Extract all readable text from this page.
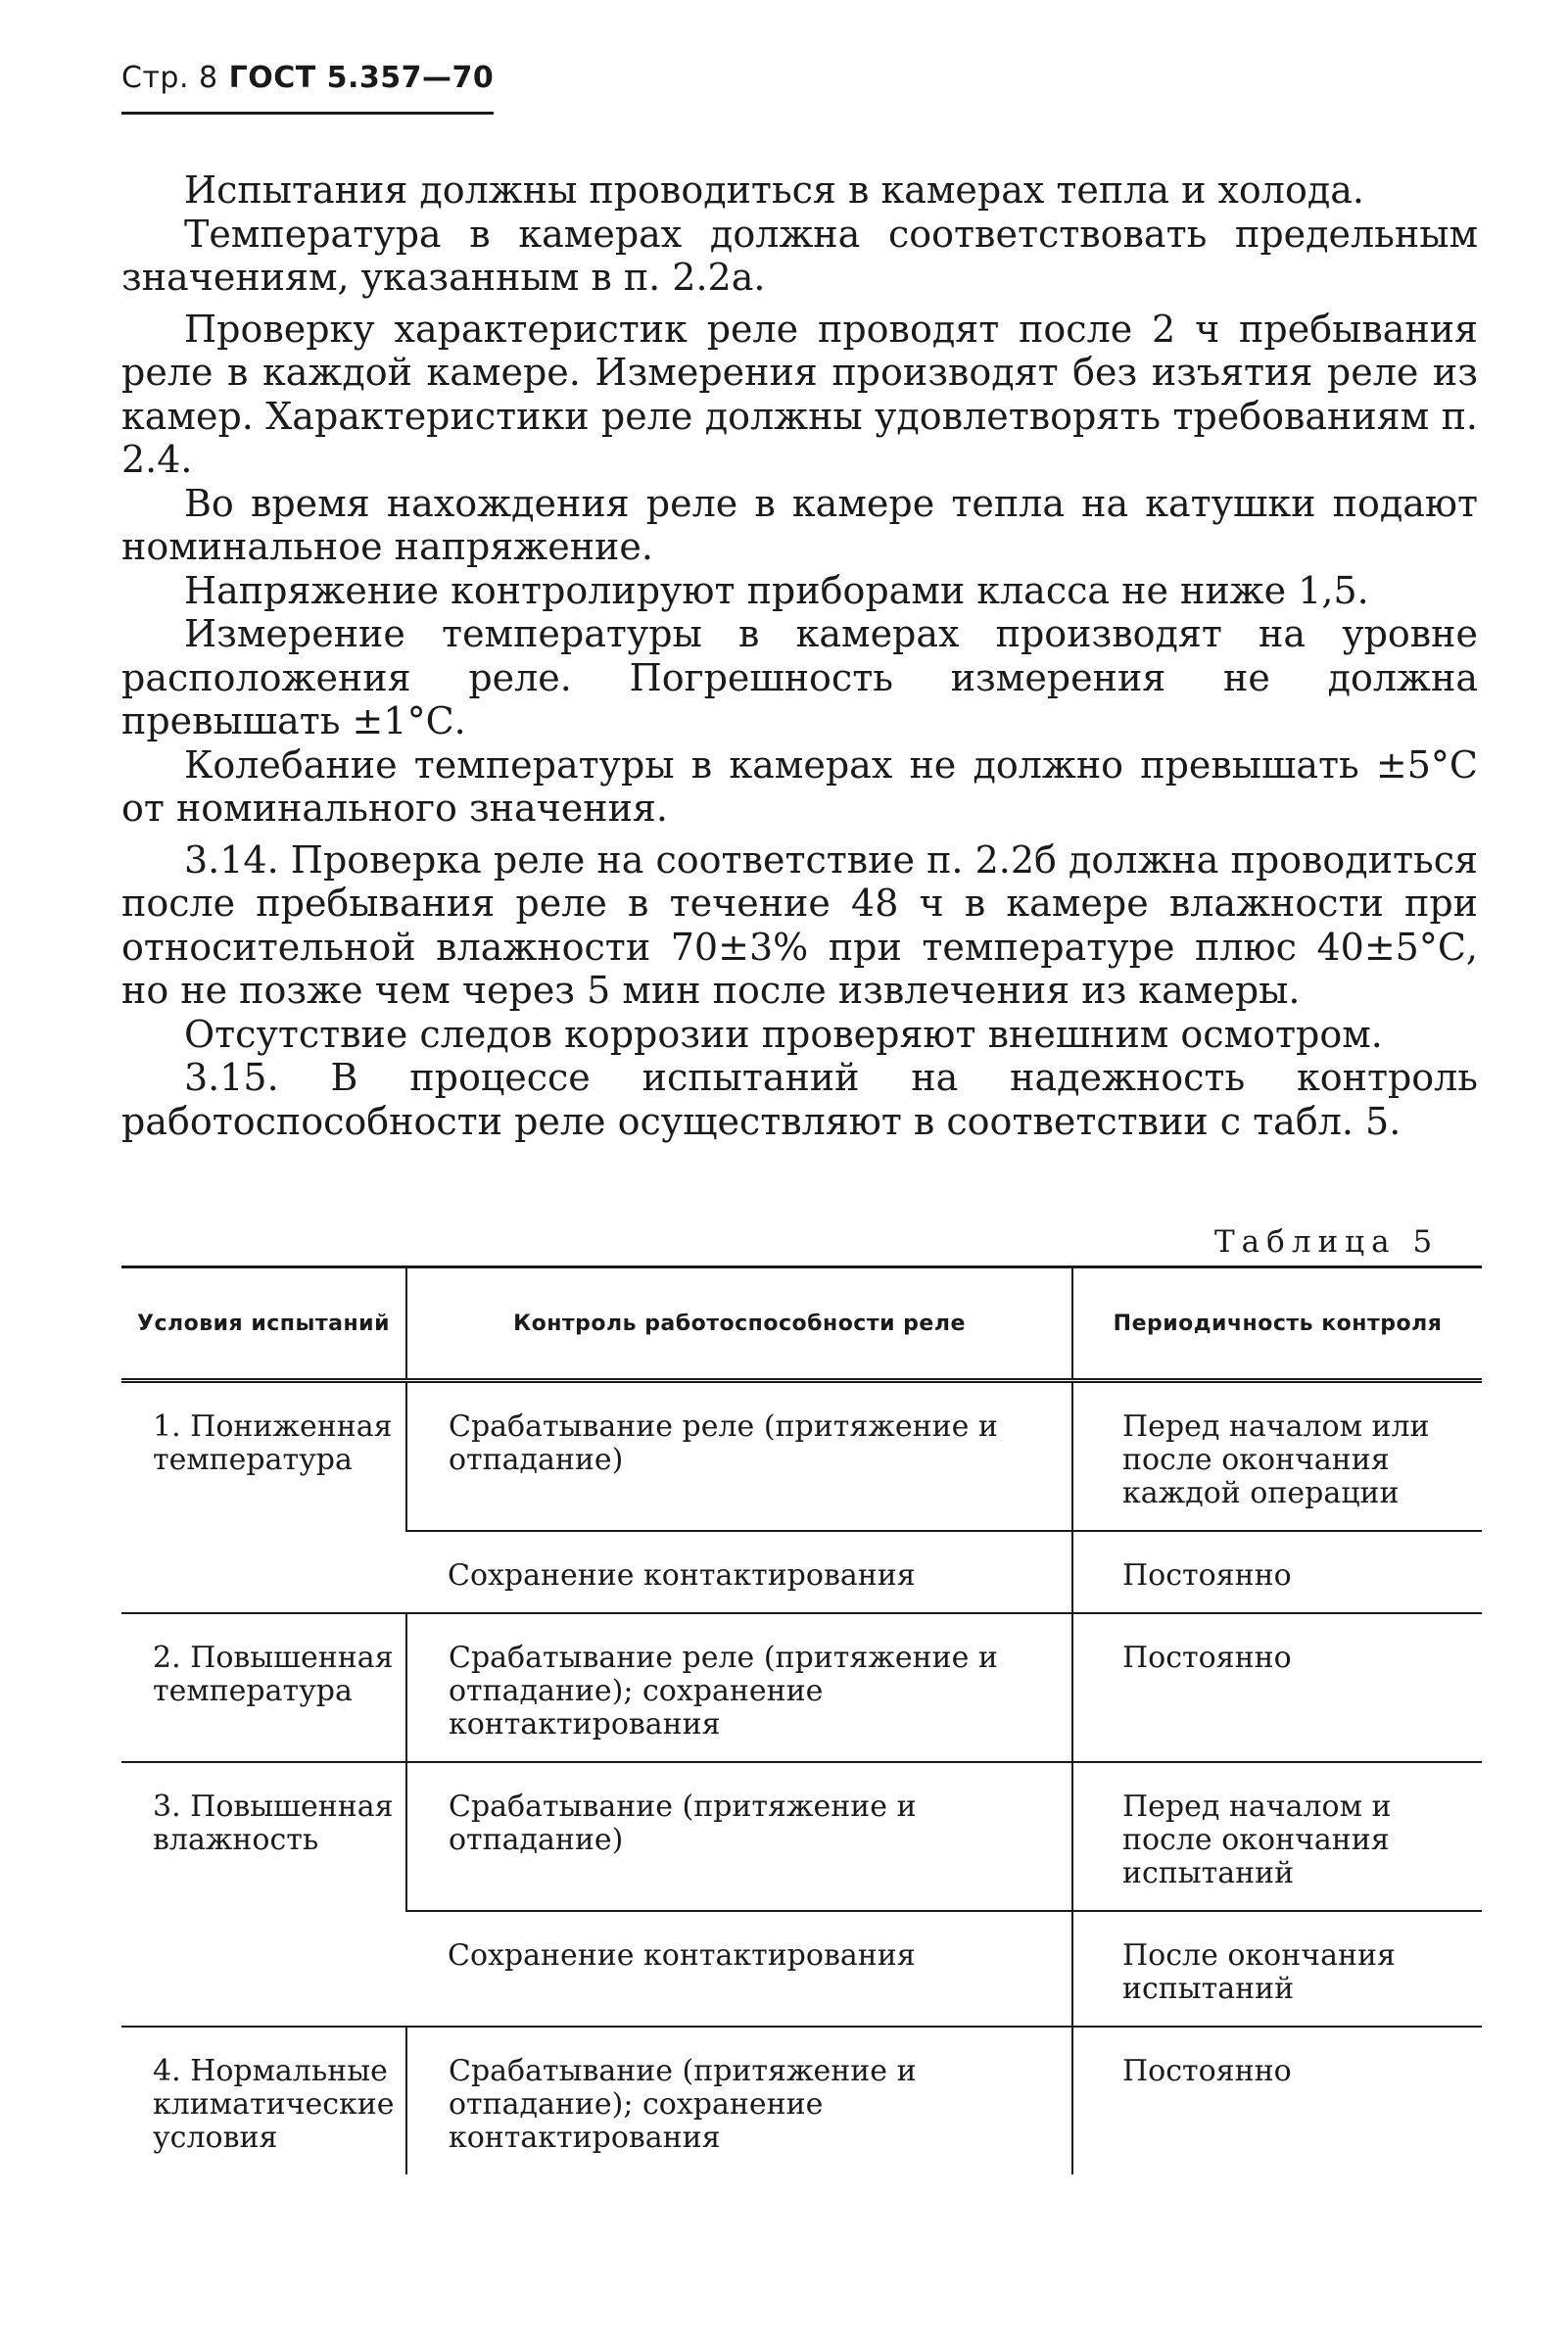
Стр. 8 ГОСТ 5.357—70

Испытания должны проводиться в камерах тепла и холода.

Температура в камерах должна соответствовать предельным значениям, указанным в п. 2.2а.

Проверку характеристик реле проводят после 2 ч пребывания реле в каждой камере. Измерения производят без изъятия реле из камер. Характеристики реле должны удовлетворять требованиям п. 2.4.

Во время нахождения реле в камере тепла на катушки подают номинальное напряжение.

Напряжение контролируют приборами класса не ниже 1,5.

Измерение температуры в камерах производят на уровне расположения реле. Погрешность измерения не должна превышать ±1°С.

Колебание температуры в камерах не должно превышать ±5°С от номинального значения.

3.14. Проверка реле на соответствие п. 2.2б должна проводиться после пребывания реле в течение 48 ч в камере влажности при относительной влажности 70±3% при температуре плюс 40±5°С, но не позже чем через 5 мин после извлечения из камеры.

Отсутствие следов коррозии проверяют внешним осмотром.

3.15. В процессе испытаний на надежность контроль работоспособности реле осуществляют в соответствии с табл. 5.

Таблица 5
Условия испытаний	Контроль работоспособности реле	Периодичность контроля
1. Пониженная температура	Срабатывание реле (притяжение и отпадание)	Перед началом или после окончания каждой операции
	Сохранение контактирования	Постоянно
2. Повышенная температура	Срабатывание реле (притяжение и отпадание); сохранение контактирования	Постоянно
3. Повышенная влажность	Срабатывание (притяжение и отпадание)	Перед началом и после окончания испытаний
	Сохранение контактирования	После окончания испытаний
4. Нормальные климатические условия	Срабатывание (притяжение и отпадание); сохранение контактирования	Постоянно
